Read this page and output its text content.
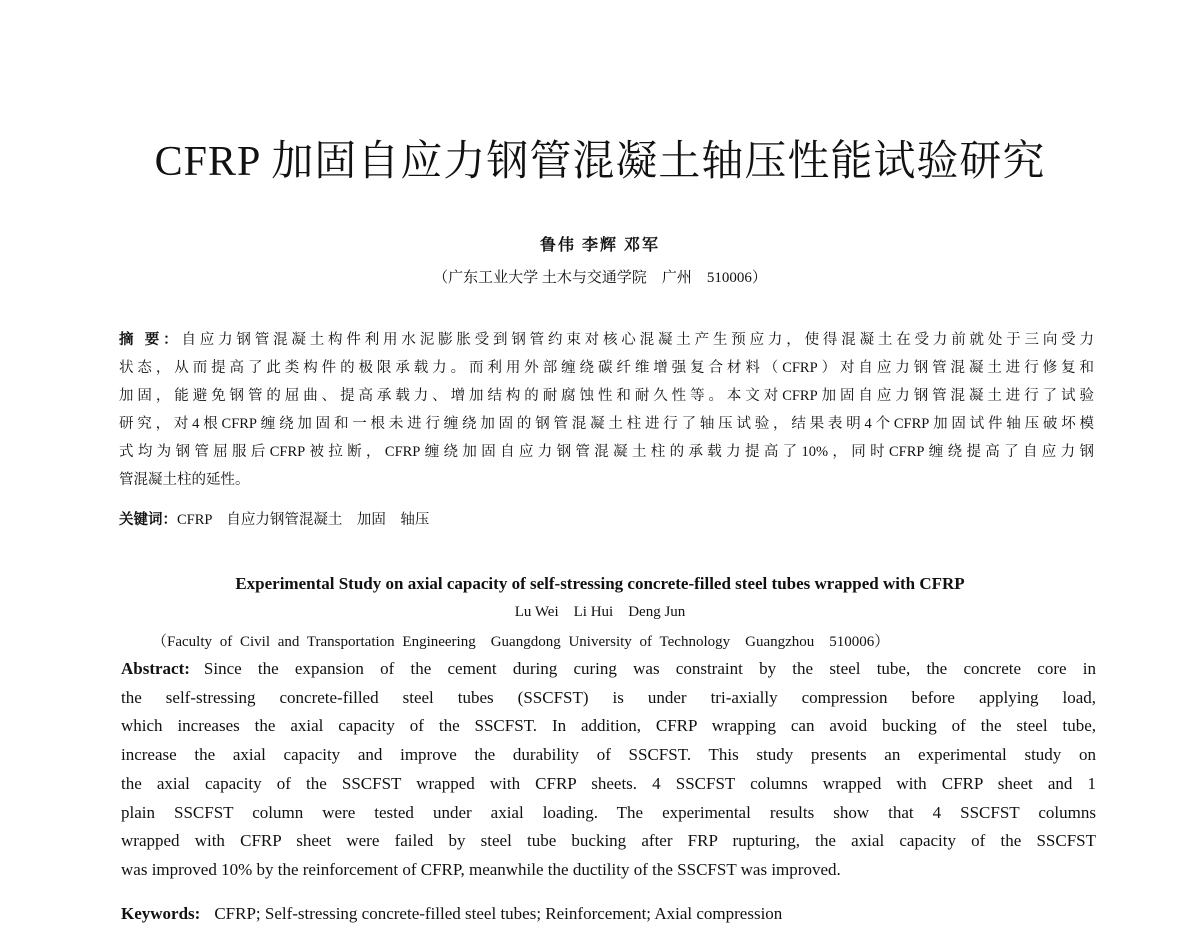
CFRP 加固自应力钢管混凝土轴压性能试验研究
鲁伟 李辉 邓军
（广东工业大学 土木与交通学院　广州　510006）
摘 要：自应力钢管混凝土构件利用水泥膨胀受到钢管约束对核心混凝土产生预应力，使得混凝土在受力前就处于三向受力
状态，从而提高了此类构件的极限承载力。而利用外部缠绕碳纤维增强复合材料（CFRP）对自应力钢管混凝土进行修复和
加固，能避免钢管的屈曲、提高承载力、增加结构的耐腐蚀性和耐久性等。本文对CFRP加固自应力钢管混凝土进行了试验
研究，对4根CFRP缠绕加固和一根未进行缠绕加固的钢管混凝土柱进行了轴压试验，结果表明4个CFRP加固试件轴压破坏模
式均为钢管屈服后CFRP被拉断，CFRP缠绕加固自应力钢管混凝土柱的承载力提高了10%，同时CFRP缠绕提高了自应力钢
管混凝土柱的延性。
关键词：CFRP　自应力钢管混凝土　加固　轴压
Experimental Study on axial capacity of self-stressing concrete-filled steel tubes wrapped with CFRP
Lu Wei　Li Hui　Deng Jun
（Faculty of Civil and Transportation Engineering　Guangdong University of Technology　Guangzhou　510006）
Abstract: Since the expansion of the cement during curing was constraint by the steel tube, the concrete core in
the self-stressing concrete-filled steel tubes (SSCFST) is under tri-axially compression before applying load,
which increases the axial capacity of the SSCFST. In addition, CFRP wrapping can avoid bucking of the steel tube,
increase the axial capacity and improve the durability of SSCFST. This study presents an experimental study on
the axial capacity of the SSCFST wrapped with CFRP sheets. 4 SSCFST columns wrapped with CFRP sheet and 1
plain SSCFST column were tested under axial loading. The experimental results show that 4 SSCFST columns
wrapped with CFRP sheet were failed by steel tube bucking after FRP rupturing, the axial capacity of the SSCFST
was improved 10% by the reinforcement of CFRP, meanwhile the ductility of the SSCFST was improved.
Keywords: CFRP; Self-stressing concrete-filled steel tubes; Reinforcement; Axial compression
